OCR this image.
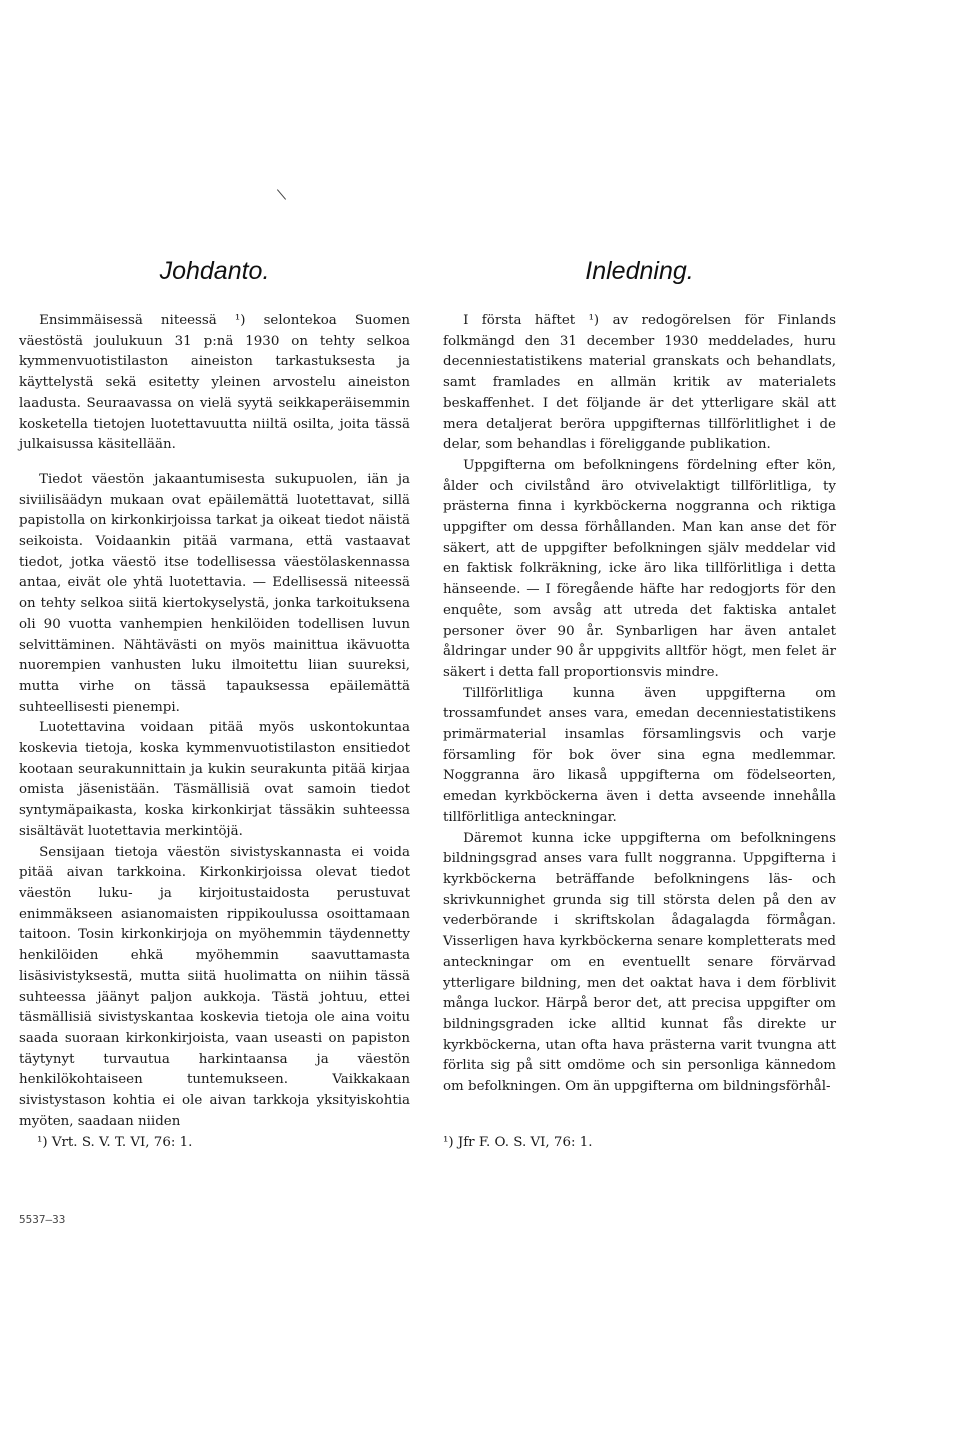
Johdanto.

Ensimmäisessä niteessä ¹) selontekoa Suomen väestöstä joulukuun 31 p:nä 1930 on tehty selkoa kymmenvuotistilaston aineiston tarkastuksesta ja käyttelystä sekä esitetty yleinen arvostelu aineiston laadusta. Seuraavassa on vielä syytä seikkaperäisemmin kosketella tietojen luotettavuutta niiltä osilta, joita tässä julkaisussa käsitellään.

Tiedot väestön jakaantumisesta sukupuolen, iän ja siviilisäädyn mukaan ovat epäilemättä luotettavat, sillä papistolla on kirkonkirjoissa tarkat ja oikeat tiedot näistä seikoista. Voidaankin pitää varmana, että vastaavat tiedot, jotka väestö itse todellisessa väestölaskennassa antaa, eivät ole yhtä luotettavia. — Edellisessä niteessä on tehty selkoa siitä kiertokyselystä, jonka tarkoituksena oli 90 vuotta vanhempien henkilöiden todellisen luvun selvittäminen. Nähtävästi on myös mainittua ikävuotta nuorempien vanhusten luku ilmoitettu liian suureksi, mutta virhe on tässä tapauksessa epäilemättä suhteellisesti pienempi.

Luotettavina voidaan pitää myös uskontokuntaa koskevia tietoja, koska kymmenvuotistilaston ensitiedot kootaan seurakunnittain ja kukin seurakunta pitää kirjaa omista jäsenistään. Täsmällisiä ovat samoin tiedot syntymäpaikasta, koska kirkonkirjat tässäkin suhteessa sisältävät luotettavia merkintöjä.

Sensijaan tietoja väestön sivistyskannasta ei voida pitää aivan tarkkoina. Kirkonkirjoissa olevat tiedot väestön luku- ja kirjoitustaidosta perustuvat enimmäkseen asianomaisten rippikoulussa osoittamaan taitoon. Tosin kirkonkirjoja on myöhemmin täydennetty henkilöiden ehkä myöhemmin saavuttamasta lisäsivistyksestä, mutta siitä huolimatta on niihin tässä suhteessa jäänyt paljon aukkoja. Tästä johtuu, ettei täsmällisiä sivistyskantaa koskevia tietoja ole aina voitu saada suoraan kirkonkirjoista, vaan useasti on papiston täytynyt turvautua harkintaansa ja väestön henkilökohtaiseen tuntemukseen. Vaikkakaan sivistystason kohtia ei ole aivan tarkkoja yksityiskohtia myöten, saadaan niiden

Inledning.

I första häftet ¹) av redogörelsen för Finlands folkmängd den 31 december 1930 meddelades, huru decenniestatistikens material granskats och behandlats, samt framlades en allmän kritik av materialets beskaffenhet. I det följande är det ytterligare skäl att mera detaljerat beröra uppgifternas tillförlitlighet i de delar, som behandlas i föreliggande publikation.

Uppgifterna om befolkningens fördelning efter kön, ålder och civilstånd äro otvivelaktigt tillförlitliga, ty prästerna finna i kyrkböckerna noggranna och riktiga uppgifter om dessa förhållanden. Man kan anse det för säkert, att de uppgifter befolkningen själv meddelar vid en faktisk folkräkning, icke äro lika tillförlitliga i detta hänseende. — I föregående häfte har redogjorts för den enquête, som avsåg att utreda det faktiska antalet personer över 90 år. Synbarligen har även antalet åldringar under 90 år uppgivits alltför högt, men felet är säkert i detta fall proportionsvis mindre.

Tillförlitliga kunna även uppgifterna om trossamfundet anses vara, emedan decenniestatistikens primärmaterial insamlas församlingsvis och varje församling för bok över sina egna medlemmar. Noggranna äro likaså uppgifterna om födelseorten, emedan kyrkböckerna även i detta avseende innehålla tillförlitliga anteckningar.

Däremot kunna icke uppgifterna om befolkningens bildningsgrad anses vara fullt noggranna. Uppgifterna i kyrkböckerna beträffande befolkningens läs- och skrivkunnighet grunda sig till största delen på den av vederbörande i skriftskolan ådagalagda förmågan. Visserligen hava kyrkböckerna senare kompletterats med anteckningar om en eventuellt senare förvärvad ytterligare bildning, men det oaktat hava i dem förblivit många luckor. Härpå beror det, att precisa uppgifter om bildningsgraden icke alltid kunnat fås direkte ur kyrkböckerna, utan ofta hava prästerna varit tvungna att förlita sig på sitt omdöme och sin personliga kännedom om befolkningen. Om än uppgifterna om bildningsförhål-

¹) Vrt. S. V. T. VI, 76: 1.	¹) Jfr F. O. S. VI, 76: 1.
5537—33
